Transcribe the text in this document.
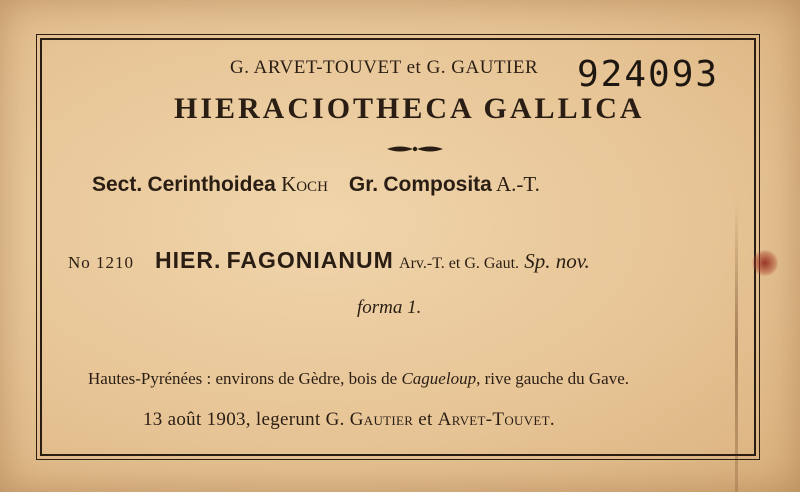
G. ARVET-TOUVET et G. GAUTIER 924093
HIERACIOTHECA GALLICA
Sect. Cerinthoidea Koch Gr. Composita A.-T.
No 1210 HIER. FAGONIANUM Arv.-T. et G. Gaut. Sp. nov.
forma 1.
Hautes-Pyrénées : environs de Gèdre, bois de Cagueloup, rive gauche du Gave.
13 août 1903, legerunt G. Gautier et Arvet-Touvet.
